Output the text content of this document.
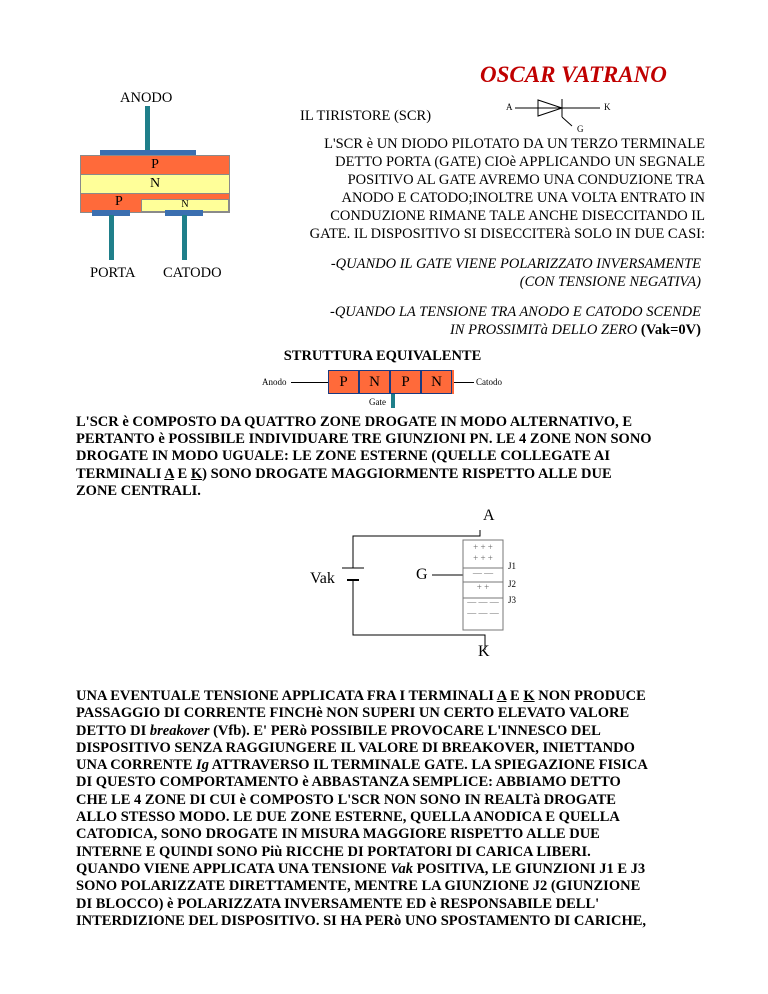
OSCAR VATRANO
ANODO
P
N
P	N
PORTA CATODO
IL TIRISTORE (SCR)
A	K
G
L'SCR è UN DIODO PILOTATO DA UN TERZO TERMINALE
DETTO PORTA (GATE) CIOè APPLICANDO UN SEGNALE
POSITIVO AL GATE AVREMO UNA CONDUZIONE TRA
ANODO E CATODO;INOLTRE UNA VOLTA ENTRATO IN
CONDUZIONE RIMANE TALE ANCHE DISECCITANDO IL
GATE. IL DISPOSITIVO SI DISECCITERà SOLO IN DUE CASI:
-QUANDO IL GATE VIENE POLARIZZATO INVERSAMENTE
(CON TENSIONE NEGATIVA)
-QUANDO LA TENSIONE TRA ANODO E CATODO SCENDE
IN PROSSIMITà DELLO ZERO (Vak=0V)
STRUTTURA EQUIVALENTE
Anodo	P	N	P	N	Catodo
Gate
L'SCR è COMPOSTO DA QUATTRO ZONE DROGATE IN MODO ALTERNATIVO, E
PERTANTO è POSSIBILE INDIVIDUARE TRE GIUNZIONI PN. LE 4 ZONE NON SONO
DROGATE IN MODO UGUALE: LE ZONE ESTERNE (QUELLE COLLEGATE AI
TERMINALI A E K) SONO DROGATE MAGGIORMENTE RISPETTO ALLE DUE
ZONE CENTRALI.
A
Vak	G
K
J1
J2
J3
+ + +
+ + +
— —
+ +
— — —
— — —
UNA EVENTUALE TENSIONE APPLICATA FRA I TERMINALI A E K NON PRODUCE
PASSAGGIO DI CORRENTE FINCHè NON SUPERI UN CERTO ELEVATO VALORE
DETTO DI breakover (Vfb). E' PERò POSSIBILE PROVOCARE L'INNESCO DEL
DISPOSITIVO SENZA RAGGIUNGERE IL VALORE DI BREAKOVER, INIETTANDO
UNA CORRENTE Ig ATTRAVERSO IL TERMINALE GATE. LA SPIEGAZIONE FISICA
DI QUESTO COMPORTAMENTO è ABBASTANZA SEMPLICE: ABBIAMO DETTO
CHE LE 4 ZONE DI CUI è COMPOSTO L'SCR NON SONO IN REALTà DROGATE
ALLO STESSO MODO. LE DUE ZONE ESTERNE, QUELLA ANODICA E QUELLA
CATODICA, SONO DROGATE IN MISURA MAGGIORE RISPETTO ALLE DUE
INTERNE E QUINDI SONO Più RICCHE DI PORTATORI DI CARICA LIBERI.
QUANDO VIENE APPLICATA UNA TENSIONE Vak POSITIVA, LE GIUNZIONI J1 E J3
SONO POLARIZZATE DIRETTAMENTE, MENTRE LA GIUNZIONE J2 (GIUNZIONE
DI BLOCCO) è POLARIZZATA INVERSAMENTE ED è RESPONSABILE DELL'
INTERDIZIONE DEL DISPOSITIVO. SI HA PERò UNO SPOSTAMENTO DI CARICHE,
